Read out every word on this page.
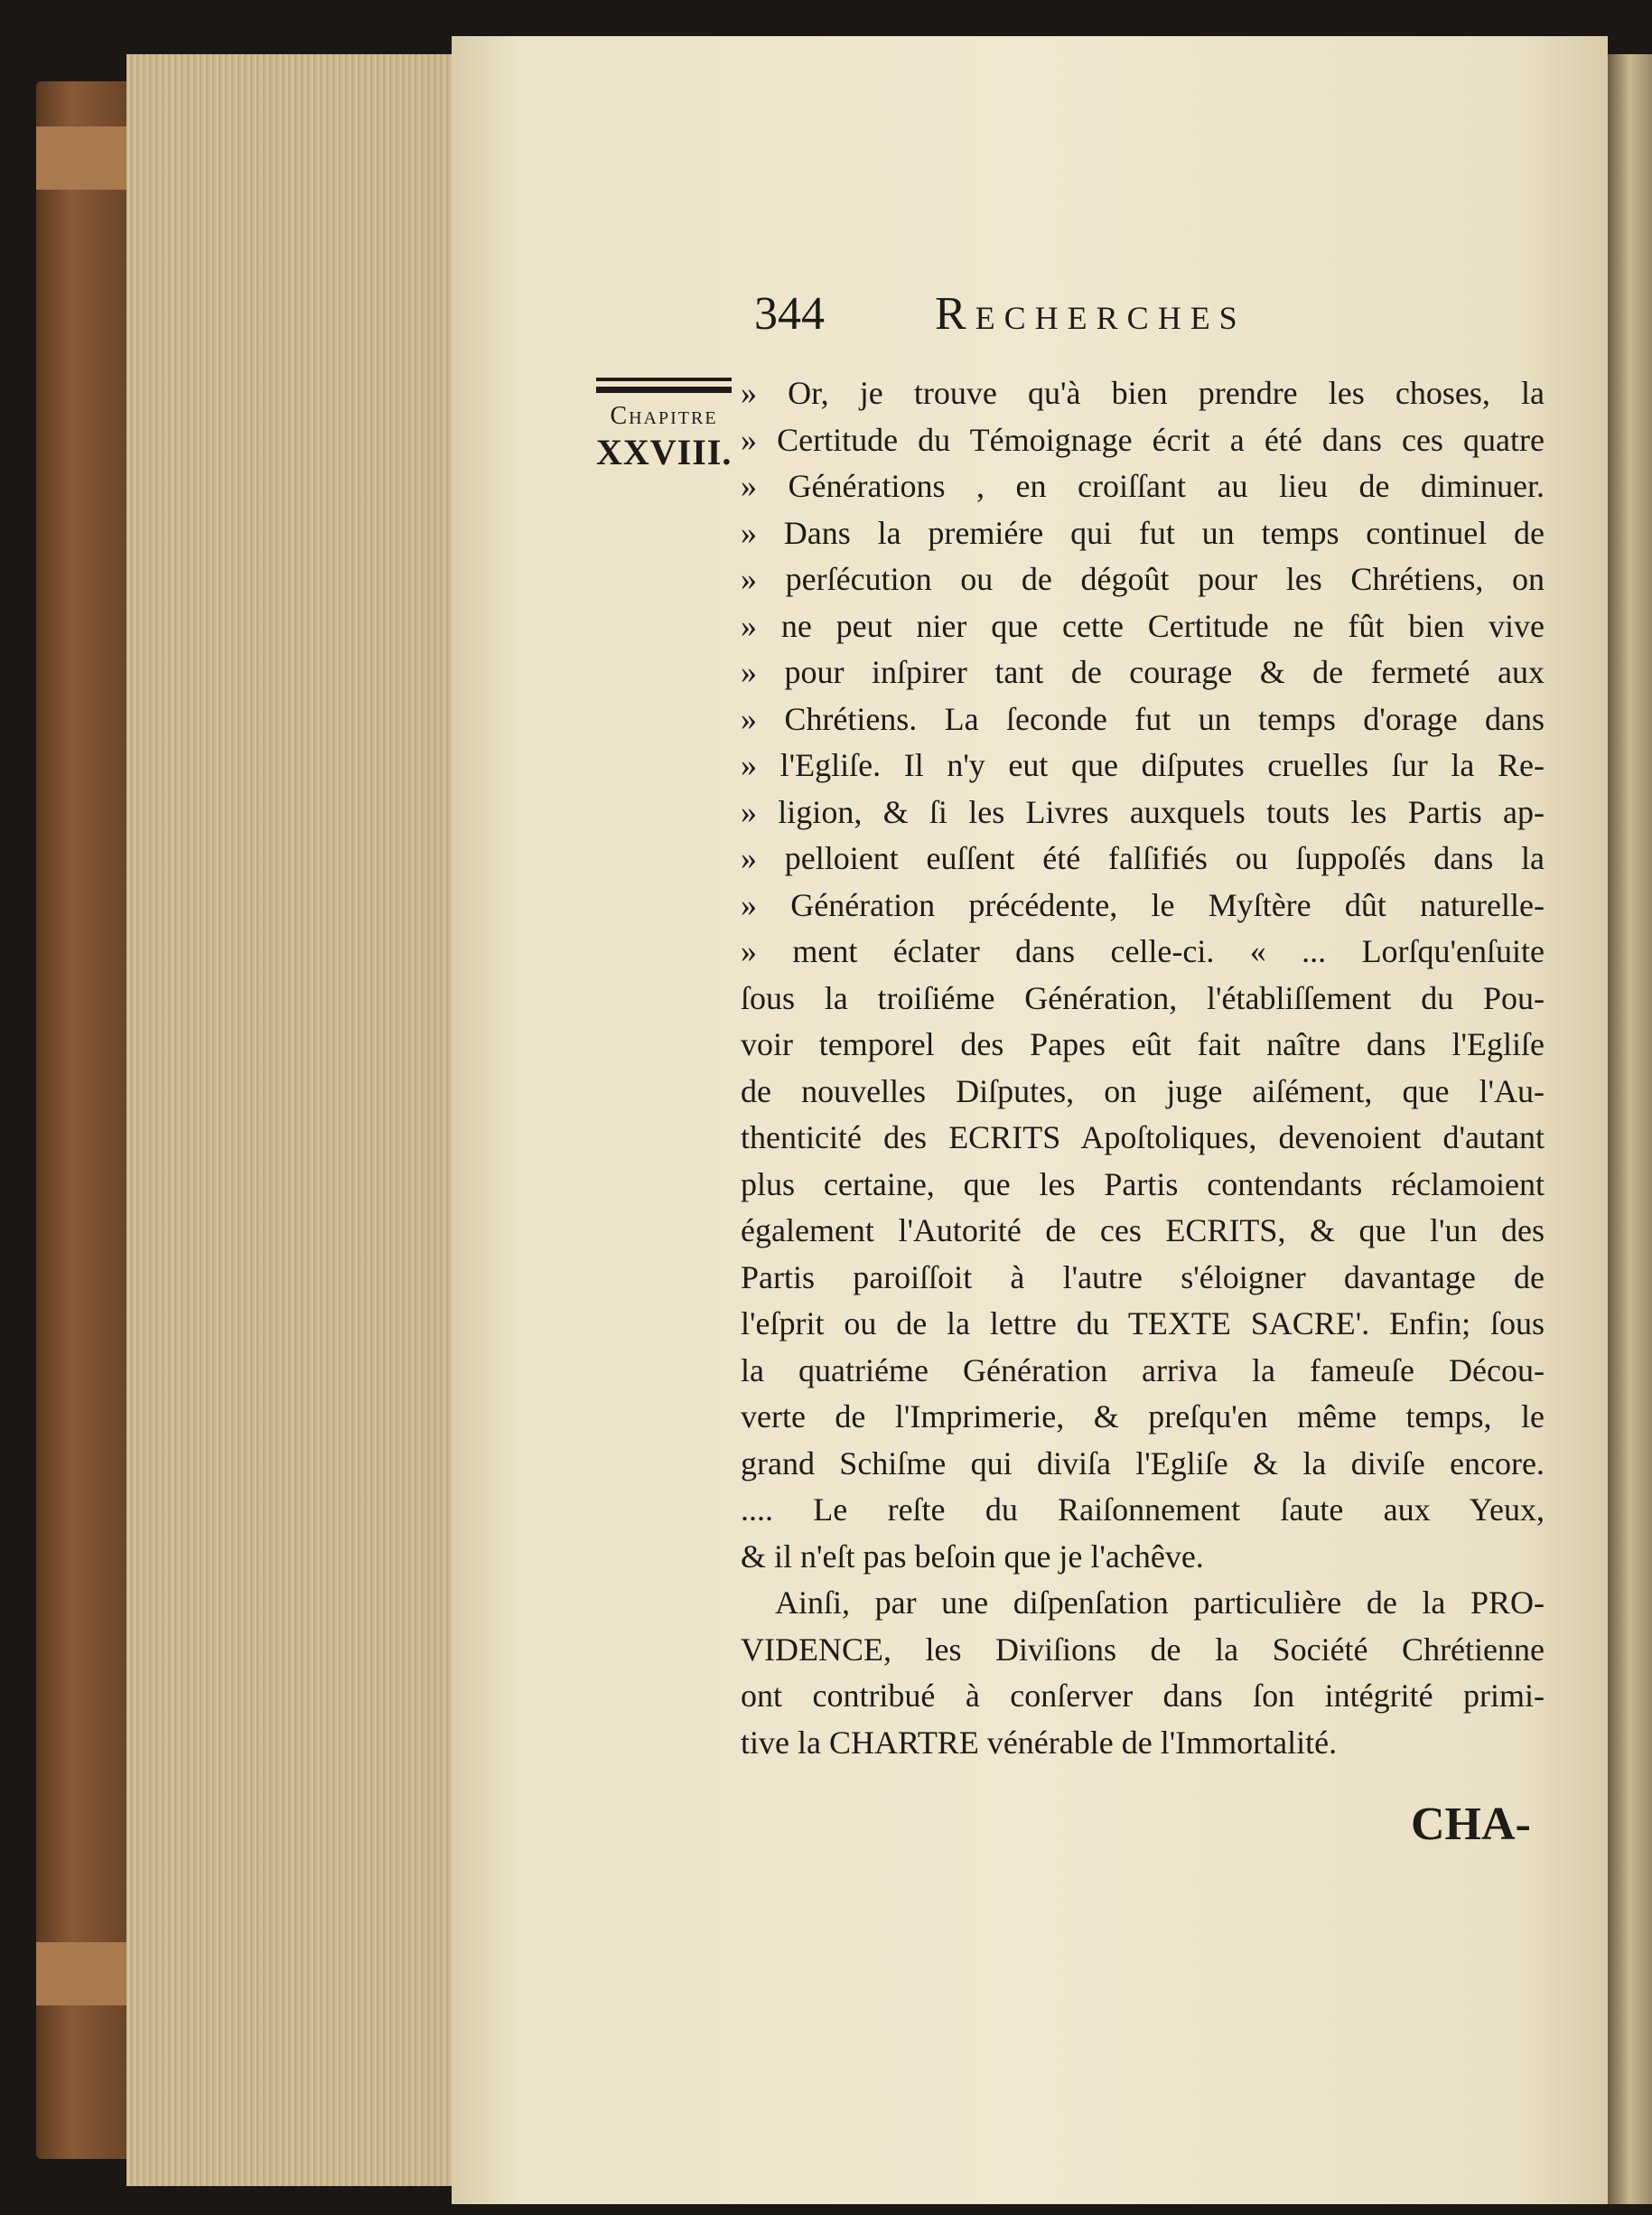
344 Recherches
Chapitre
XXVIII.
» Or, je trouve qu'à bien prendre les choses, la
» Certitude du Témoignage écrit a été dans ces quatre
» Générations , en croiſſant au lieu de diminuer.
» Dans la premiére qui fut un temps continuel de
» perſécution ou de dégoût pour les Chrétiens, on
» ne peut nier que cette Certitude ne fût bien vive
» pour inſpirer tant de courage & de fermeté aux
» Chrétiens. La ſeconde fut un temps d'orage dans
» l'Egliſe. Il n'y eut que diſputes cruelles ſur la Re-
» ligion, & ſi les Livres auxquels touts les Partis ap-
» pelloient euſſent été falſifiés ou ſuppoſés dans la
» Génération précédente, le Myſtère dût naturelle-
» ment éclater dans celle-ci. « ... Lorſqu'enſuite
ſous la troiſiéme Génération, l'établiſſement du Pou-
voir temporel des Papes eût fait naître dans l'Egliſe
de nouvelles Diſputes, on juge aiſément, que l'Au-
thenticité des ECRITS Apoſtoliques, devenoient d'autant
plus certaine, que les Partis contendants réclamoient
également l'Autorité de ces ECRITS, & que l'un des
Partis paroiſſoit à l'autre s'éloigner davantage de
l'eſprit ou de la lettre du TEXTE SACRE'. Enfin; ſous
la quatriéme Génération arriva la fameuſe Décou-
verte de l'Imprimerie, & preſqu'en même temps, le
grand Schiſme qui diviſa l'Egliſe & la diviſe encore.
.... Le reſte du Raiſonnement ſaute aux Yeux,
& il n'eſt pas beſoin que je l'achêve.
Ainſi, par une diſpenſation particulière de la PRO-
VIDENCE, les Diviſions de la Société Chrétienne
ont contribué à conſerver dans ſon intégrité primi-
tive la CHARTRE vénérable de l'Immortalité.
CHA-
